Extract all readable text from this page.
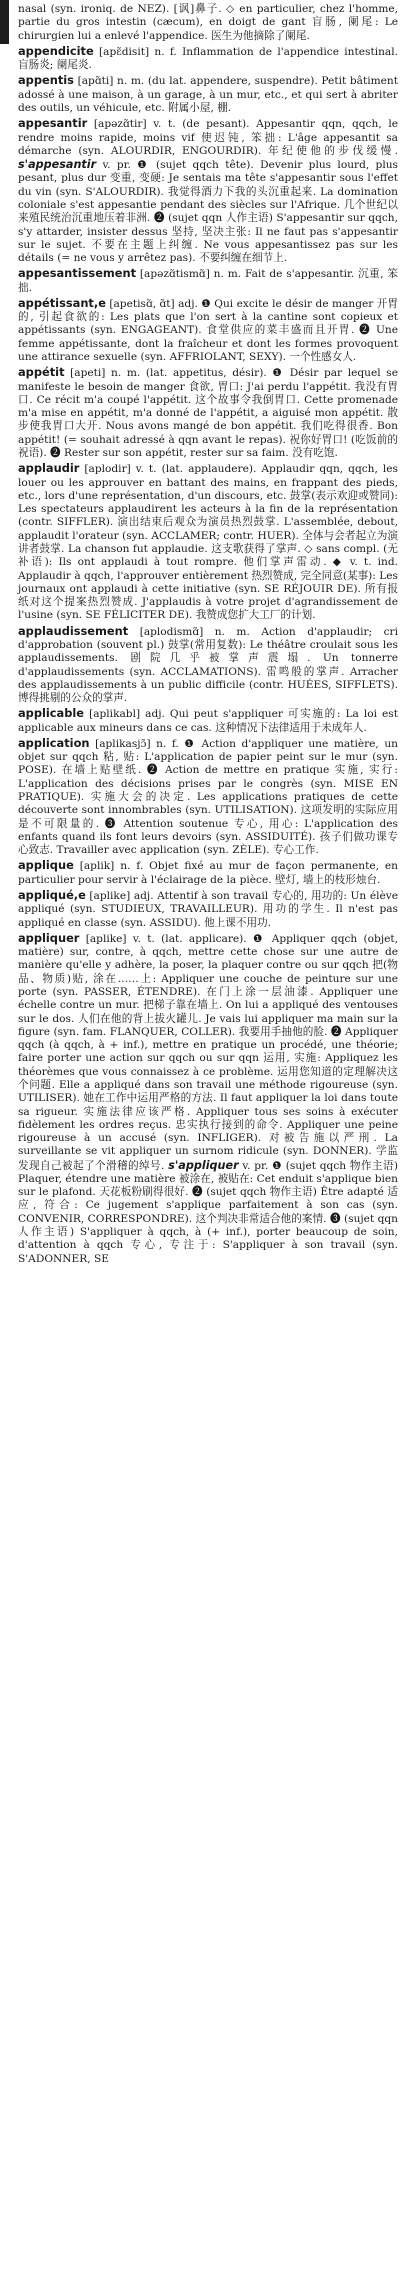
nasal (syn. ironiq. de NEZ). [讽]鼻子. ◇ en particulier, chez l'homme, partie du gros intestin (cæcum), en doigt de gant 盲肠, 阑尾: Le chirurgien lui a enlevé l'appendice. 医生为他摘除了阑尾.

appendicite [apɛ̃disit] n. f. Inflammation de l'appendice intestinal. 盲肠炎; 阑尾炎.

appentis [apɑ̃ti] n. m. (du lat. appendere, suspendre). Petit bâtiment adossé à une maison, à un garage, à un mur, etc., et qui sert à abriter des outils, un véhicule, etc. 附属小屋, 棚.

appesantir [apəzɑ̃tir] v. t. (de pesant). Appesantir qqn, qqch, le rendre moins rapide, moins vif 使迟钝, 笨拙: L'âge appesantit sa démarche (syn. ALOURDIR, ENGOURDIR). 年纪使他的步伐缓慢. s'appesantir v. pr. ❶ (sujet qqch tête). Devenir plus lourd, plus pesant, plus dur 变重, 变硬: Je sentais ma tête s'appesantir sous l'effet du vin (syn. S'ALOURDIR). 我觉得酒力下我的头沉重起来. La domination coloniale s'est appesantie pendant des siècles sur l'Afrique. 几个世纪以来殖民统治沉重地压着非洲. ❷ (sujet qqn 人作主语) S'appesantir sur qqch, s'y attarder, insister dessus 坚持, 坚决主张: Il ne faut pas s'appesantir sur le sujet. 不要在主题上纠缠. Ne vous appesantissez pas sur les détails (= ne vous y arrêtez pas). 不要纠缠在细节上.

appesantissement [apəzɑ̃tismɑ̃] n. m. Fait de s'appesantir. 沉重, 笨拙.

appétissant,e [apetisɑ̃, ɑ̃t] adj. ❶ Qui excite le désir de manger 开胃的, 引起食欲的: Les plats que l'on sert à la cantine sont copieux et appétissants (syn. ENGAGEANT). 食堂供应的菜丰盛而且开胃. ❷ Une femme appétissante, dont la fraîcheur et dont les formes provoquent une attirance sexuelle (syn. AFFRIOLANT, SEXY). 一个性感女人.

appétit [apeti] n. m. (lat. appetitus, désir). ❶ Désir par lequel se manifeste le besoin de manger 食欲, 胃口: J'ai perdu l'appétit. 我没有胃口. Ce récit m'a coupé l'appétit. 这个故事令我倒胃口. Cette promenade m'a mise en appétit, m'a donné de l'appétit, a aiguisé mon appétit. 散步使我胃口大开. Nous avons mangé de bon appétit. 我们吃得很香. Bon appétit! (= souhait adressé à qqn avant le repas). 祝你好胃口! (吃饭前的祝语). ❷ Rester sur son appétit, rester sur sa faim. 没有吃饱.

applaudir [aplodir] v. t. (lat. applaudere). Applaudir qqn, qqch, les louer ou les approuver en battant des mains, en frappant des pieds, etc., lors d'une représentation, d'un discours, etc. 鼓掌(表示欢迎或赞同): Les spectateurs applaudirent les acteurs à la fin de la représentation (contr. SIFFLER). 演出结束后观众为演员热烈鼓掌. L'assemblée, debout, applaudit l'orateur (syn. ACCLAMER; contr. HUER). 全体与会者起立为演讲者鼓掌. La chanson fut applaudie. 这支歌获得了掌声. ◇ sans compl. (无补语): Ils ont applaudi à tout rompre. 他们掌声雷动. ◆ v. t. ind. Applaudir à qqch, l'approuver entièrement 热烈赞成, 完全同意(某事): Les journaux ont applaudi à cette initiative (syn. SE RÉJOUIR DE). 所有报纸对这个提案热烈赞成. J'applaudis à votre projet d'agrandissement de l'usine (syn. SE FÉLICITER DE). 我赞成您扩大工厂的计划.

applaudissement [aplodismɑ̃] n. m. Action d'applaudir; cri d'approbation (souvent pl.) 鼓掌(常用复数): Le théâtre croulait sous les applaudissements. 剧院几乎被掌声震塌. Un tonnerre d'applaudissements (syn. ACCLAMATIONS). 雷鸣般的掌声. Arracher des applaudissements à un public difficile (contr. HUÉES, SIFFLETS). 博得挑剔的公众的掌声.

applicable [aplikabl] adj. Qui peut s'appliquer 可实施的: La loi est applicable aux mineurs dans ce cas. 这种情况下法律适用于未成年人.

application [aplikasjɔ̃] n. f. ❶ Action d'appliquer une matière, un objet sur qqch 粘, 贴: L'application de papier peint sur le mur (syn. POSE). 在墙上贴壁纸. ❷ Action de mettre en pratique 实施, 实行: L'application des décisions prises par le congrès (syn. MISE EN PRATIQUE). 实施大会的决定. Les applications pratiques de cette découverte sont innombrables (syn. UTILISATION). 这项发明的实际应用是不可限量的. ❸ Attention soutenue 专心, 用心: L'application des enfants quand ils font leurs devoirs (syn. ASSIDUITÉ). 孩子们做功课专心致志. Travailler avec application (syn. ZÈLE). 专心工作.

applique [aplik] n. f. Objet fixé au mur de façon permanente, en particulier pour servir à l'éclairage de la pièce. 壁灯, 墙上的枝形烛台.

appliqué,e [aplike] adj. Attentif à son travail 专心的, 用功的: Un élève appliqué (syn. STUDIEUX, TRAVAILLEUR). 用功的学生. Il n'est pas appliqué en classe (syn. ASSIDU). 他上课不用功.

appliquer [aplike] v. t. (lat. applicare). ❶ Appliquer qqch (objet, matière) sur, contre, à qqch, mettre cette chose sur une autre de manière qu'elle y adhère, la poser, la plaquer contre ou sur qqch 把(物品、物质)贴, 涂在……上: Appliquer une couche de peinture sur une porte (syn. PASSER, ÉTENDRE). 在门上涂一层油漆. Appliquer une échelle contre un mur. 把梯子靠在墙上. On lui a appliqué des ventouses sur le dos. 人们在他的背上拔火罐儿. Je vais lui appliquer ma main sur la figure (syn. fam. FLANQUER, COLLER). 我要用手抽他的脸. ❷ Appliquer qqch (à qqch, à + inf.), mettre en pratique un procédé, une théorie; faire porter une action sur qqch ou sur qqn 运用, 实施: Appliquez les théorèmes que vous connaissez à ce problème. 运用您知道的定理解决这个问题. Elle a appliqué dans son travail une méthode rigoureuse (syn. UTILISER). 她在工作中运用严格的方法. Il faut appliquer la loi dans toute sa rigueur. 实施法律应该严格. Appliquer tous ses soins à exécuter fidèlement les ordres reçus. 忠实执行接到的命令. Appliquer une peine rigoureuse à un accusé (syn. INFLIGER). 对被告施以严刑. La surveillante se vit appliquer un surnom ridicule (syn. DONNER). 学监发现自己被起了个滑稽的绰号. s'appliquer v. pr. ❶ (sujet qqch 物作主语) Plaquer, étendre une matière 被涂在, 被贴在: Cet enduit s'applique bien sur le plafond. 天花板粉刷得很好. ❷ (sujet qqch 物作主语) Être adapté 适应, 符合: Ce jugement s'applique parfaitement à son cas (syn. CONVENIR, CORRESPONDRE). 这个判决非常适合他的案情. ❸ (sujet qqn 人作主语) S'appliquer à qqch, à (+ inf.), porter beaucoup de soin, d'attention à qqch 专心, 专注于: S'appliquer à son travail (syn. S'ADONNER, SE
